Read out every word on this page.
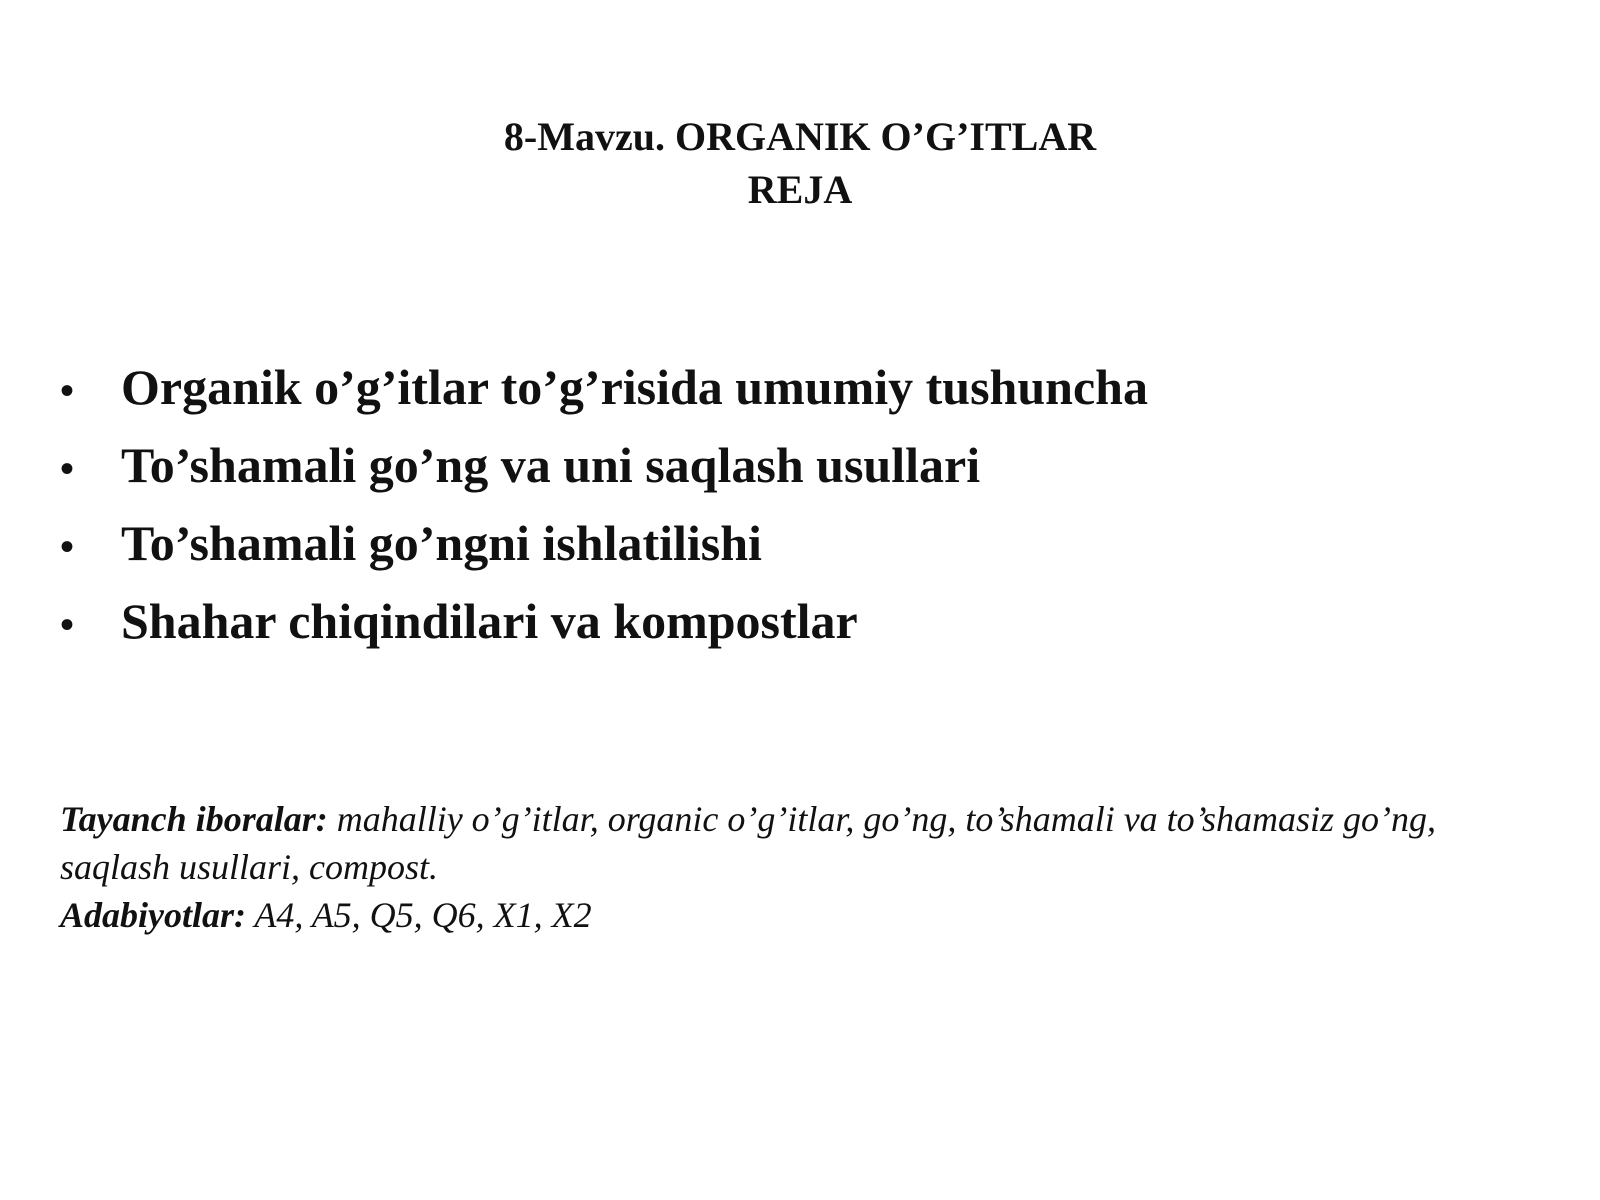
8-Mavzu. ORGANIK O’G’ITLAR
REJA
• Organik o’g’itlar to’g’risida umumiy tushuncha
• To’shamali go’ng va uni saqlash usullari
• To’shamali go’ngni ishlatilishi
• Shahar chiqindilari va kompostlar
Tayanch iboralar: mahalliy o’g’itlar, organic o’g’itlar, go’ng, to’shamali va to’shamasiz go’ng, saqlash usullari, compost.
Adabiyotlar: A4, A5, Q5, Q6, X1, X2
